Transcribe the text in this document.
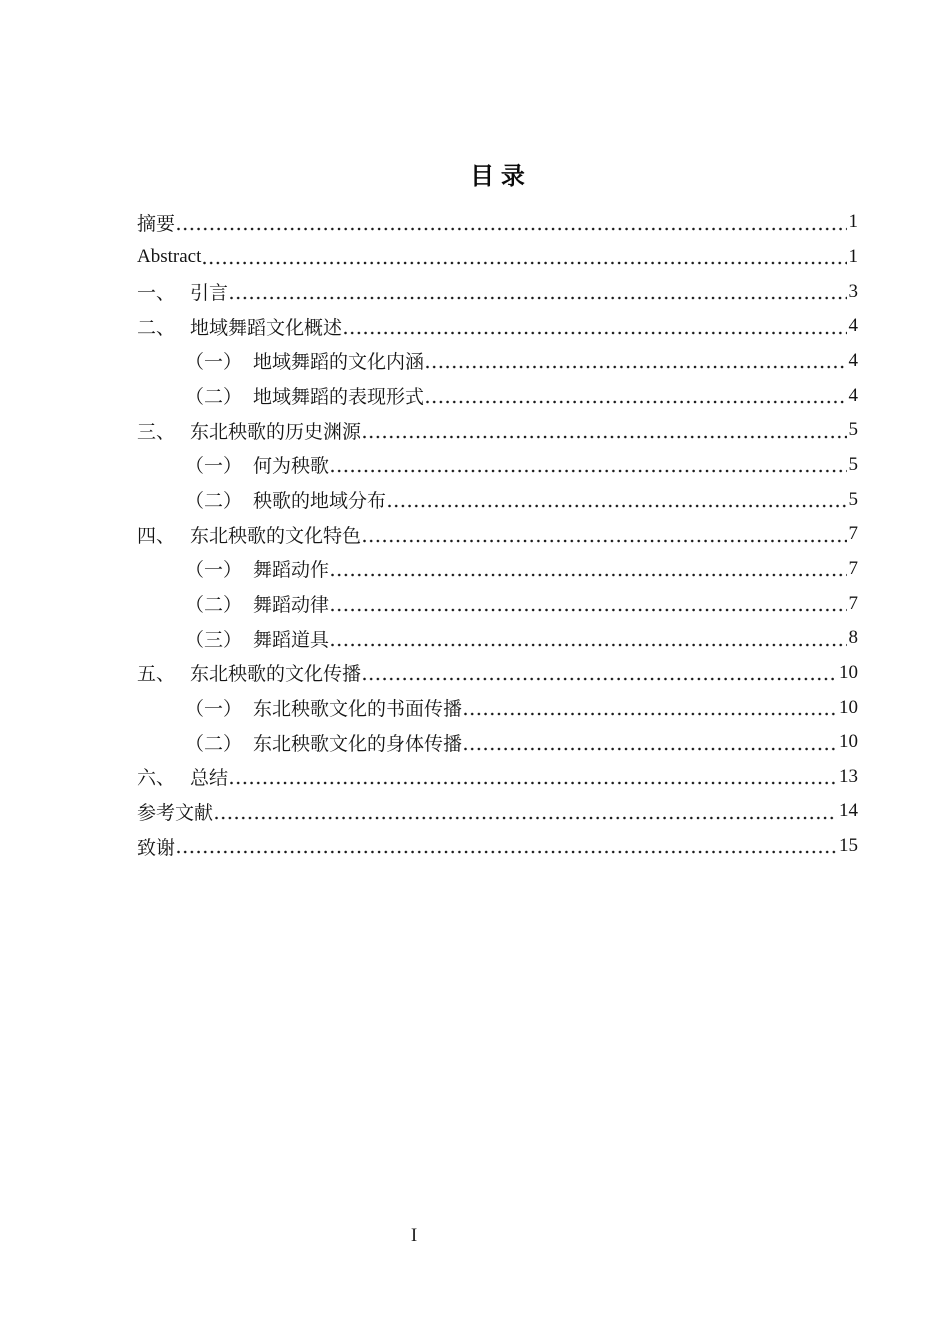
目 录
摘要	1
Abstract	1
一、 引言	3
二、 地域舞蹈文化概述	4
（一） 地域舞蹈的文化内涵	4
（二） 地域舞蹈的表现形式	4
三、 东北秧歌的历史渊源	5
（一） 何为秧歌	5
（二） 秧歌的地域分布	5
四、 东北秧歌的文化特色	7
（一） 舞蹈动作	7
（二） 舞蹈动律	7
（三） 舞蹈道具	8
五、 东北秧歌的文化传播	10
（一） 东北秧歌文化的书面传播	10
（二） 东北秧歌文化的身体传播	10
六、 总结	13
参考文献	14
致谢	15
I
